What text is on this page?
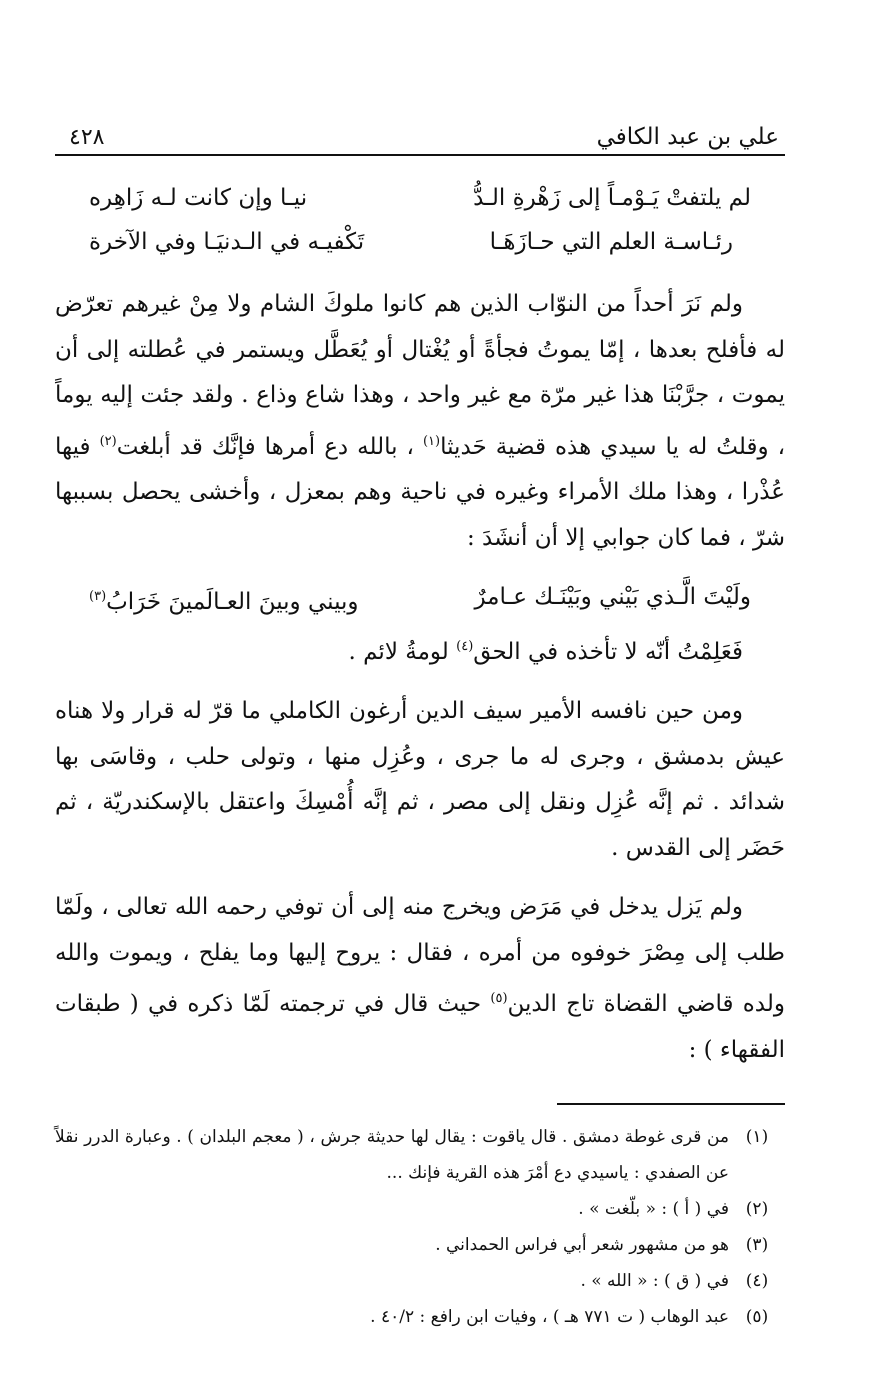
علي بن عبد الكافي
٤٢٨
لم يلتفتْ يَـوْمـاً إلى زَهْرةِ الـدُّ
نيـا وإن كانت لـه زَاهِره
رئـاسـة العلم التي حـازَهَـا
تَكْفيـه في الـدنيَـا وفي الآخرة

ولم نَرَ أحداً من النوّاب الذين هم كانوا ملوكَ الشام ولا مِنْ غيرهم تعرّض له فأفلح بعدها ، إمّا يموتُ فجأةً أو يُغْتال أو يُعَطَّل ويستمر في عُطلته إلى أن يموت ، جرَّبْنَا هذا غير مرّة مع غير واحد ، وهذا شاع وذاع . ولقد جئت إليه يوماً ، وقلتُ له يا سيدي هذه قضية حَديثا$^{(١)}$ ، بالله دع أمرها فإنَّك قد أبلغت$^{(٢)}$ فيها عُذْرا ، وهذا ملك الأمراء وغيره في ناحية وهم بمعزل ، وأخشى يحصل بسببها شرّ ، فما كان جوابي إلا أن أنشَدَ :

ولَيْتَ الَّـذي بَيْني وبَيْنَـك عـامرٌ
وبيني وبينَ العـالَمينَ خَرَابُ$^{(٣)}$
فَعَلِمْتُ أنّه لا تأخذه في الحق$^{(٤)}$ لومةُ لائم .

ومن حين نافسه الأمير سيف الدين أرغون الكاملي ما قرّ له قرار ولا هناه عيش بدمشق ، وجرى له ما جرى ، وعُزِل منها ، وتولى حلب ، وقاسَى بها شدائد . ثم إنَّه عُزِل ونقل إلى مصر ، ثم إنَّه أُمْسِكَ واعتقل بالإسكندريّة ، ثم حَضَر إلى القدس .

ولم يَزل يدخل في مَرَض ويخرج منه إلى أن توفي رحمه الله تعالى ، ولَمّا طلب إلى مِصْرَ خوفوه من أمره ، فقال : يروح إليها وما يفلح ، ويموت والله ولده قاضي القضاة تاج الدين$^{(٥)}$ حيث قال في ترجمته لَمّا ذكره في ( طبقات الفقهاء ) :

(١)
من قرى غوطة دمشق . قال ياقوت : يقال لها حديثة جرش ، ( معجم البلدان ) . وعبارة الدرر نقلاً عن الصفدي : ياسيدي دع أمْرَ هذه القرية فإنك ...
(٢)
في ( أ ) : « بلّغت » .
(٣)
هو من مشهور شعر أبي فراس الحمداني .
(٤)
في ( ق ) : « الله » .
(٥)
عبد الوهاب ( ت ٧٧١ هـ ) ، وفيات ابن رافع : ٤٠/٢ .
